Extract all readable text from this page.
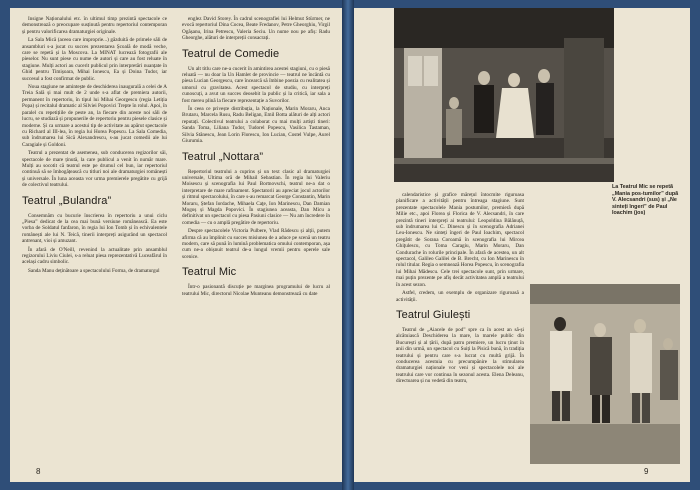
Insigne Naționalului etc. în ultimul timp prezintă spectacole ce demonstrează o preocupare susținută pentru repertoriul contemporan și pentru valorificarea dramaturgiei originale.

La Sala Mică (aceea care improprie...) găzduită de primele săli de ansambluri s-a jucat cu succes prezentarea Școală de modă veche, care se repetă și la Moscova. La MINAT lucrează fotografii ale pieselor. Nu sunt piese cu nume de autori și care au fost reluate în stagiune. Mulți actori au cucerit publicul prin interpretări nuanțate în Ghid pentru Timișoara, Mihai Ionescu, Ea și Doina Tudor, iar succesul a fost confirmat de public.

Noua stagiune ne amintește de deschiderea inaugurală a celei de A Treia Sală și mai mult de 2 unde s-a aflat de premiera autorii, permanent în repertoriu, în tipul lui Mihai Georgescu (regia Letiția Popa) și recitalul dramatic al Silviei Popovici Trepte în rolul. Apoi, în paralel cu repetițiile de peste an, la fiecare din aceste noi săli de lucru, se studiază și propunerile de repertoriu pentru piesele clasice și moderne. Și ca urmare a acestui tip de activitate au apărut spectacole cu Richard al III-lea, în regia lui Horea Popescu. La Sala Comedia, sub îndrumarea lui Sică Alexandrescu, s-au jucat comedii ale lui Caragiale și Goldoni.

Teatrul a prezentat de asemenea, sub conducerea regizorilor săi, spectacole de mare ținută, la care publicul a venit în număr mare. Mulți au socotit că teatrul este pe drumul cel bun, iar repertoriul continuă să se îmbogățească cu titluri noi ale dramaturgiei românești și universale. În luna aceasta vor urma premierele pregătite cu grijă de colectivul teatrului.

Teatrul „Bulandra”

Consemnăm cu bucurie înscrierea în repertoriu a unui ciclu „Piesa” dedicat de la cea mai bună versiune românească. Ea este vorba de Soldatul fanfaron, în regia lui Ion Tomb și în echivalentele românești ale lui N. Teică, tinerii interpreți asigurând un spectacol antrenant, vioi și amuzant.

În afară de O'Neill, revenind la actualitate prin ansamblul regizorului Liviu Ciulei, s-a reluat piesa reprezentativă Luceafărul în același cadru simbolic.

Sanda Manu deținătoare a spectacolului Forma, de dramaturgul

englez David Storey. În cadrul scenografiei lui Helmut Stürmer, ne evocă repertoriul Dina Cocea, Beate Fredanov, Petre Gheorghiu, Virgil Ogășanu, Irina Petrescu, Valeria Seciu. Un nume nou pe afiș: Radu Gheorghe, alături de interpreții consacrați.

Teatrul de Comedie

Un alt titlu care ne-a cucerit în amintirea acestei stagiuni, cu o piesă reluată — nu doar la Un Hamlet de provincie — teatrul ne încântă cu piesa Lucian Georgescu, care încearcă să îmbine poezia cu realitatea și umorul cu gravitatea. Acest spectacol de studiu, cu interpreți cunoscuți, a avut un succes deosebit la public și la critică, iar sala a fost mereu plină la fiecare reprezentație a Suvorilor.

În ceea ce privește distribuția, la Naționale, Marin Moraru, Anca Brutaru, Marcela Rusu, Radu Beligan, Emil Botta alături de alți actori reputați. Colectivul teatrului a colaborat cu mai mulți artiști tineri: Sanda Toma, Liliana Tudor, Tudorel Popescu, Vasilica Tastaman, Silvia Stănescu, Jean Lorin Florescu, Ion Lucian, Costel Vulpe, Aurel Giurumia.

Teatrul „Nottara”

Repertoriul teatrului a cuprins și un text clasic al dramaturgiei universale, Ultima oră de Mihail Sebastian. În regia lui Valeriu Moisescu și scenografia lui Paul Bortnovschi, teatrul ne-a dat o interpretare de mare rafinament. Spectatorii au apreciat jocul actorilor și ritmul spectacolului, în care s-au remarcat George Constantin, Marin Moraru, Ștefan Iordache, Mihaela Caţe, Ion Marinescu, Dan Damian Mogoș și Magda Popovici. În stagiunea aceasta, Dan Micu a definitivat un spectacol cu piesa Pasiuni clasice — Nu am încredere în comedia — cu o amplă pregătire de repertoriu.

Despre spectacolele Victoria Pulbere, Vlad Rădescu și alții, putem afirma că au împlinit cu succes misiunea de a aduce pe scenă un teatru modern, care să pună în lumină problematica omului contemporan, așa cum ne-a obișnuit teatrul de-a lungul vremii pentru operele sale scenice.

Teatrul Mic

Într-o pasionantă discuție pe marginea programului de lucru al teatrului Mic, directorul Nicolae Munteanu demonstrează cu date

8
La Teatrul Mic se repetă „Mania pos-tumilor” după V. Alecsandri (sus) și „Ne sinteți îngeri” de Paul Ioachim (jos)

calendaristice și grafice mărețul întocmite riguroasa planificare a activității pentru întreaga stagiune. Sunt prezentate spectacolele Mania postumilor, premieră după Milie etc., apoi Florea și Florica de V. Alecsandri, în care prezintă tineri interpreți ai teatrului: Leopoldina Bălănuță, sub îndrumarea lui C. Dinescu și în scenografia Adrianei Leu-Ionescu. Ne sinteți îngeri de Paul Ioachim, spectacol pregătit de Sorana Coroamă în scenografia lui Mircea Ghiţulescu, cu Toma Caragiu, Marin Moraru, Dan Condurache în rolurile principale. În afară de acestea, un alt spectacol, Galileo Galilei de B. Brecht, cu Ion Marinescu în rolul titular. Regia o semnează Horea Popescu, în scenografia lui Mihai Mădescu. Cele trei spectacole sunt, prin urmare, mai puțin prezente pe afiș decât activitatea amplă a teatrului în acest sezon.

Astfel, credem, un exemplu de organizare riguroasă a activității.

Teatrul Giulești

Teatrul de „Aiacele de pod” spre ca în acest an să-și alcătuiască Deschiderea la mare, la marele public din București și al țării, după patru premiere, un lucru ținut în anii din urmă, un spectacol cu Suiți la Pisică bună, în tradiția teatrului și pentru care s-a lucrat cu multă grijă. În conducerea acestuia cu precumpănire la stimularea dramaturgiei naționale vor veni și spectacolele noi ale teatrului care vor continua în sezonul acesta. Elena Deleanu, directoarea și nu vedetă din teatru,

9
